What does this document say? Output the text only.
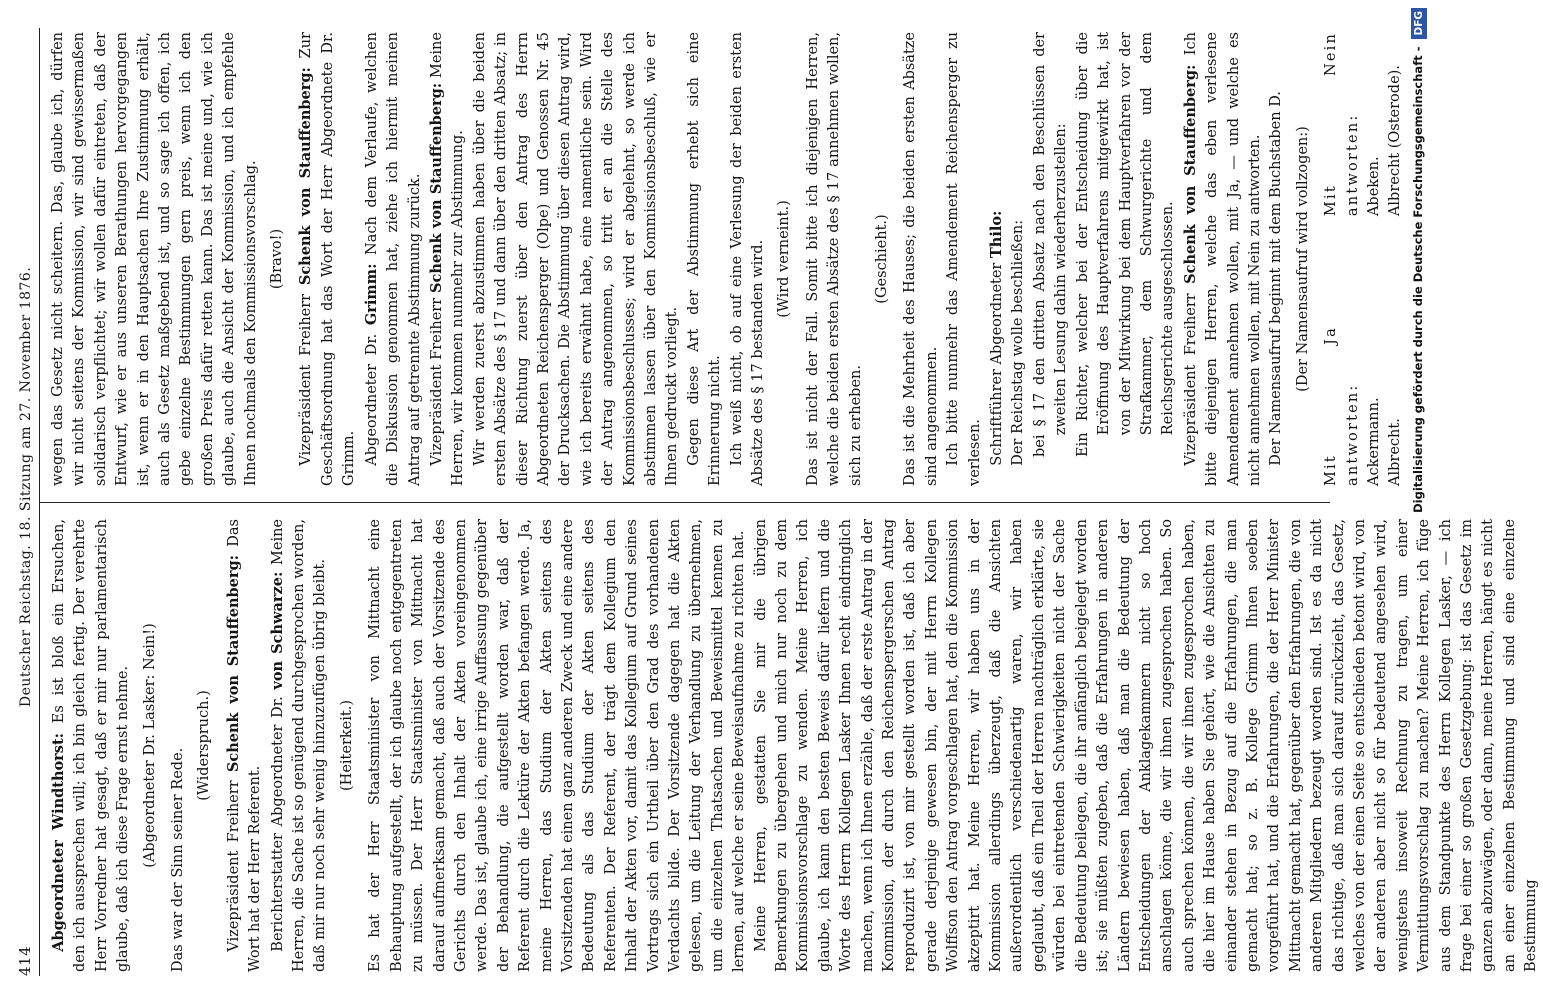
414
Deutscher Reichstag. 18. Sitzung am 27. November 1876.

Abgeordneter Windthorst: Es ist bloß ein Ersuchen, den ich aussprechen will; ich bin gleich fertig. Der verehrte Herr Vorredner hat gesagt, daß er mir nur parlamentarisch glaube, daß ich diese Frage ernst nehme. (Abgeordneter Dr. Lasker: Nein!) Das war der Sinn seiner Rede.

(Widerspruch.)

Vizepräsident Freiherr Schenk von Stauffenberg: Das Wort hat der Herr Referent. Berichterstatter Abgeordneter Dr. von Schwarze: Meine Herren, die Sache ist so genügend durchgesprochen worden, daß mir nur noch sehr wenig hinzuzufügen übrig bleibt. (Heiterkeit.) Es hat der Herr Staatsminister von Mittnacht eine Behauptung aufgestellt, der ich glaube noch entgegentreten zu müssen. Der Herr Staatsminister von Mittnacht hat darauf aufmerksam gemacht, daß auch der Vorsitzende des Gerichts durch den Inhalt der Akten voreingenommen werde. Das ist, glaube ich, eine irrige Auffassung gegenüber der Behandlung, die aufgestellt worden war, daß der Referent durch die Lektüre der Akten befangen werde. Ja, meine Herren, das Studium der Akten seitens des Vorsitzenden hat einen ganz anderen Zweck und eine andere Bedeutung als das Studium der Akten seitens des Referenten. Der Referent, der trägt dem Kollegium den Inhalt der Akten vor, damit das Kollegium auf Grund seines Vortrags sich ein Urtheil über den Grad des vorhandenen Verdachts bilde. Der Vorsitzende dagegen hat die Akten gelesen, um die Leitung der Verhandlung zu übernehmen, um die einzelnen Thatsachen und Beweismittel kennen zu lernen, auf welche er seine Beweisaufnahme zu richten hat. Meine Herren, gestatten Sie mir die übrigen Bemerkungen zu übergehen und mich nur noch zu dem Kommissionsvorschlage zu wenden. Meine Herren, ich glaube, ich kann den besten Beweis dafür liefern und die Worte des Herrn Kollegen Lasker Ihnen recht eindringlich machen, wenn ich Ihnen erzähle, daß der erste Antrag in der Kommission, der durch den Reichenspergerschen Antrag reproduzirt ist, von mir gestellt worden ist, daß ich aber gerade derjenige gewesen bin, der mit Herrn Kollegen Wolffson den Antrag vorgeschlagen hat, den die Kommission akzeptirt hat. Meine Herren, wir haben uns in der Kommission allerdings überzeugt, daß die Ansichten außerordentlich verschiedenartig waren, wir haben geglaubt, daß ein Theil der Herren nachträglich erklärte, sie würden bei eintretenden Schwierigkeiten nicht der Sache die Bedeutung beilegen, die ihr anfänglich beigelegt worden ist; sie müßten zugeben, daß die Erfahrungen in anderen Ländern bewiesen haben, daß man die Bedeutung der Entscheidungen der Anklagekammern nicht so hoch anschlagen könne, die wir ihnen zugesprochen haben. So auch sprechen können, die wir ihnen zugesprochen haben, die hier im Hause haben Sie gehört, wie die Ansichten zu einander stehen in Bezug auf die Erfahrungen, die man gemacht hat; so z. B. Kollege Grimm Ihnen soeben vorgeführt hat, und die Erfahrungen, die der Herr Minister Mittnacht gemacht hat, gegenüber den Erfahrungen, die von anderen Mitgliedern bezeugt worden sind. Ist es da nicht das richtige, daß man sich darauf zurückzieht, das Gesetz, welches von der einen Seite so entschieden betont wird, von der anderen aber nicht so für bedeutend angesehen wird, wenigstens insoweit Rechnung zu tragen, um einer Vermittlungsvorschlag zu machen? Meine Herren, ich füge aus dem Standpunkte des Herrn Kollegen Lasker, — ich frage bei einer so großen Gesetzgebung: ist das Gesetz im ganzen abzuwägen, oder dann, meine Herren, hängt es nicht an einer einzelnen Bestimmung und sind eine einzelne Bestimmung

wegen das Gesetz nicht scheitern. Das, glaube ich, dürfen wir nicht seitens der Kommission, wir sind gewissermaßen solidarisch verpflichtet; wir wollen dafür eintreten, daß der Entwurf, wie er aus unseren Berathungen hervorgegangen ist, wenn er in den Hauptsachen Ihre Zustimmung erhält, auch als Gesetz maßgebend ist, und so sage ich offen, ich gebe einzelne Bestimmungen gern preis, wenn ich den großen Preis dafür retten kann. Das ist meine und, wie ich glaube, auch die Ansicht der Kommission, und ich empfehle Ihnen nochmals den Kommissionsvorschlag. (Bravo!)

Vizepräsident Freiherr Schenk von Stauffenberg: Zur Geschäftsordnung hat das Wort der Herr Abgeordnete Dr. Grimm. Abgeordneter Dr. Grimm: Nach dem Verlaufe, welchen die Diskussion genommen hat, ziehe ich hiermit meinen Antrag auf getrennte Abstimmung zurück. Vizepräsident Freiherr Schenk von Stauffenberg: Meine Herren, wir kommen nunmehr zur Abstimmung. Wir werden zuerst abzustimmen haben über die beiden ersten Absätze des § 17 und dann über den dritten Absatz; in dieser Richtung zuerst über den Antrag des Herrn Abgeordneten Reichensperger (Olpe) und Genossen Nr. 45 der Drucksachen. Die Abstimmung über diesen Antrag wird, wie ich bereits erwähnt habe, eine namentliche sein. Wird der Antrag angenommen, so tritt er an die Stelle des Kommissionsbeschlusses; wird er abgelehnt, so werde ich abstimmen lassen über den Kommissionsbeschluß, wie er Ihnen gedruckt vorliegt. Gegen diese Art der Abstimmung erhebt sich eine Erinnerung nicht. Ich weiß nicht, ob auf eine Verlesung der beiden ersten Absätze des § 17 bestanden wird. (Wird verneint.) Das ist nicht der Fall. Somit bitte ich diejenigen Herren, welche die beiden ersten Absätze des § 17 annehmen wollen, sich zu erheben.

(Geschieht.) Das ist die Mehrheit des Hauses; die beiden ersten Absätze sind angenommen. Ich bitte nunmehr das Amendement Reichensperger zu verlesen. Schriftführer Abgeordneter Thilo: Der Reichstag wolle beschließen: bei § 17 den dritten Absatz nach den Beschlüssen der zweiten Lesung dahin wiederherzustellen: Ein Richter, welcher bei der Entscheidung über die Eröffnung des Hauptverfahrens mitgewirkt hat, ist von der Mitwirkung bei dem Hauptverfahren vor der Strafkammer, dem Schwurgerichte und dem Reichsgerichte ausgeschlossen. Vizepräsident Freiherr Schenk von Stauffenberg: Ich bitte diejenigen Herren, welche das eben verlesene Amendement annehmen wollen, mit Ja, — und welche es nicht annehmen wollen, mit Nein zu antworten. Der Namensaufruf beginnt mit dem Buchstaben D. (Der Namensaufruf wird vollzogen:)

Mit Ja antworten: Ackermann. Albrecht.
Mit Nein antworten: Abeken. Albrecht (Osterode). Digitalisierung gefördert durch die Deutsche Forschungsgemeinschaft - DFG
